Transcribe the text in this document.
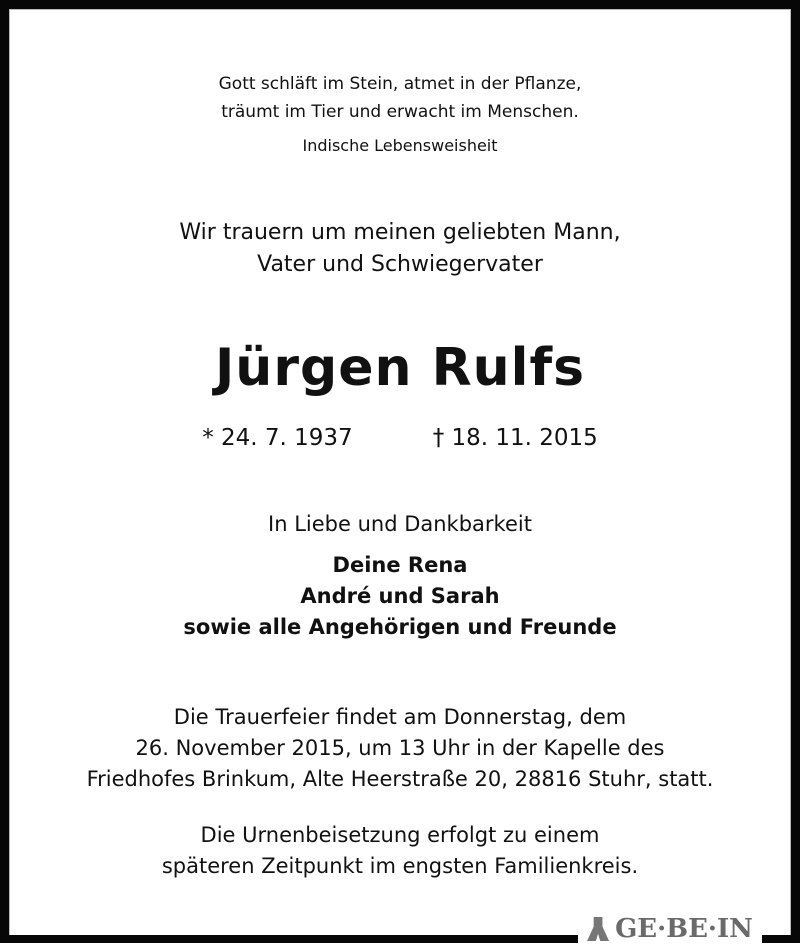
Gott schläft im Stein, atmet in der Pflanze,
träumt im Tier und erwacht im Menschen.
Indische Lebensweisheit
Wir trauern um meinen geliebten Mann,
Vater und Schwiegervater
Jürgen Rulfs
* 24. 7. 1937	† 18. 11. 2015
In Liebe und Dankbarkeit
Deine Rena
André und Sarah
sowie alle Angehörigen und Freunde
Die Trauerfeier findet am Donnerstag, dem
26. November 2015, um 13 Uhr in der Kapelle des
Friedhofes Brinkum, Alte Heerstraße 20, 28816 Stuhr, statt.
Die Urnenbeisetzung erfolgt zu einem
späteren Zeitpunkt im engsten Familienkreis.
GE·BE·IN
